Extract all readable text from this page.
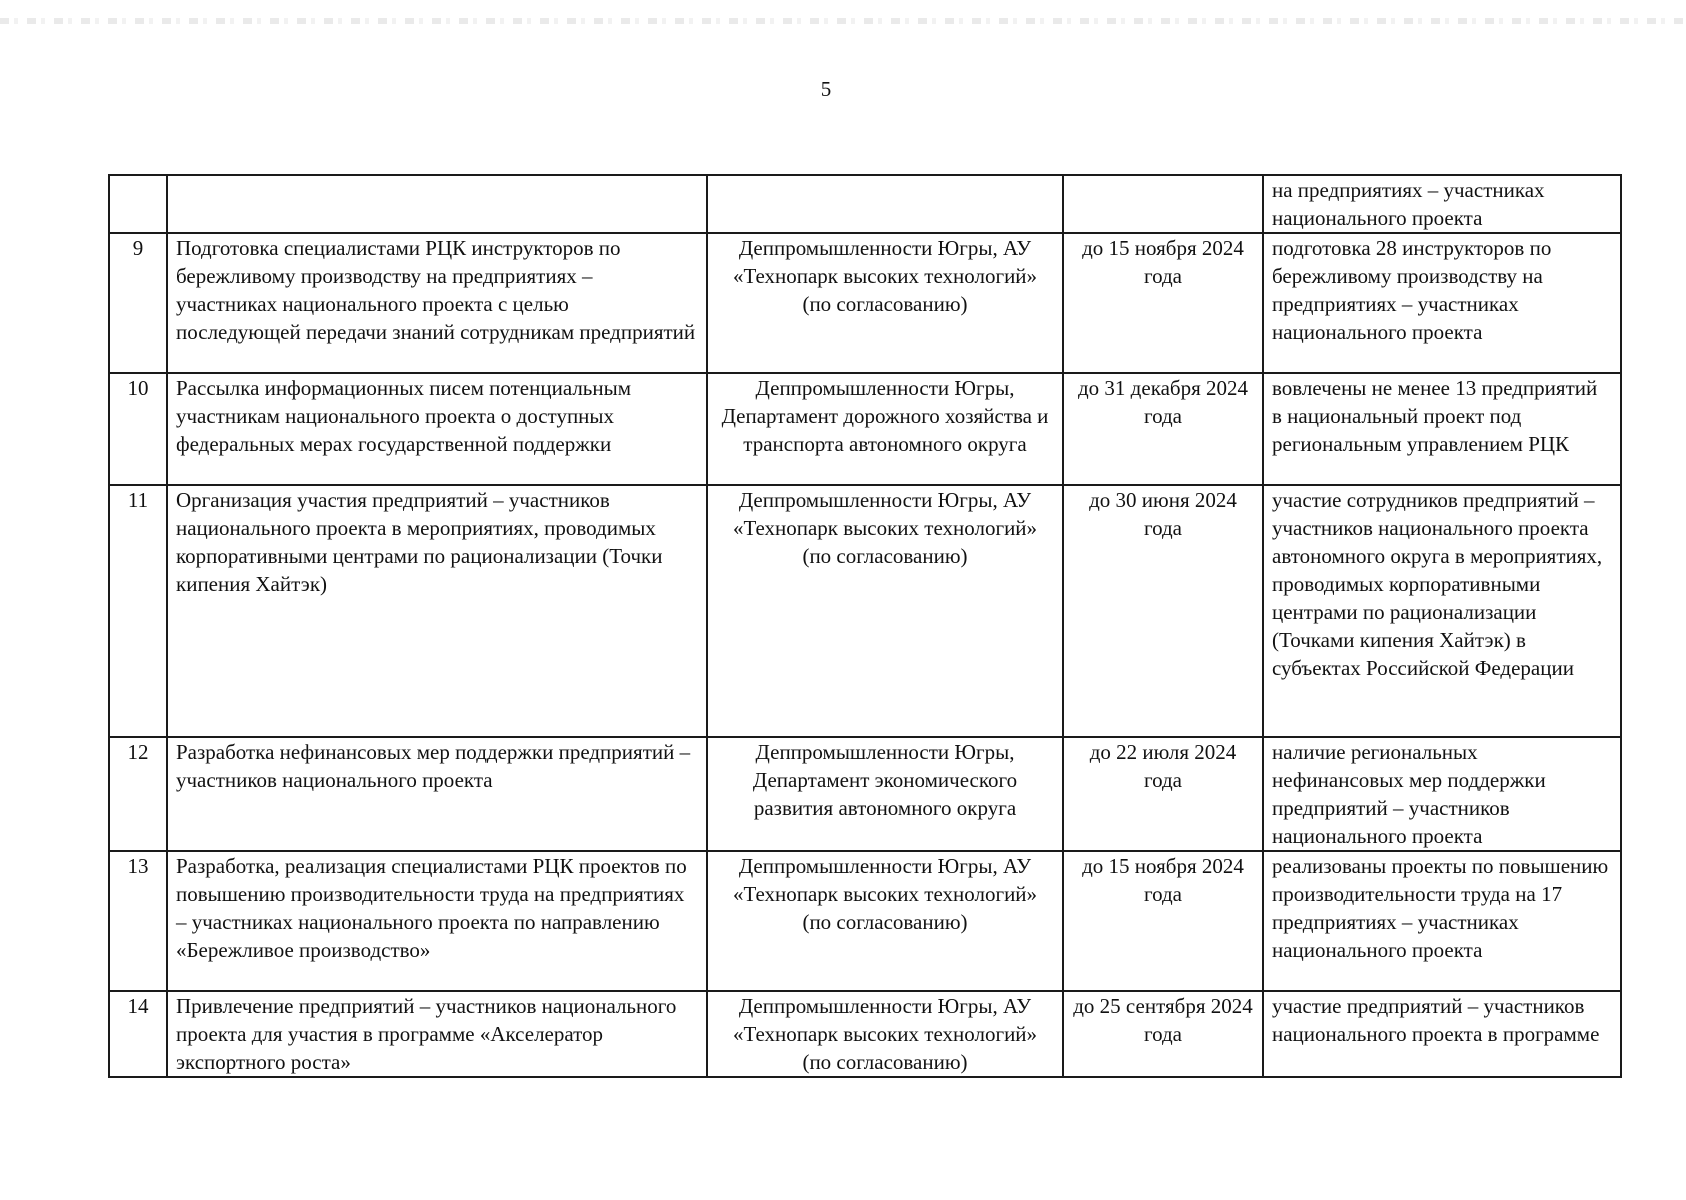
5
				на предприятиях – участниках национального проекта
9	Подготовка специалистами РЦК инструкторов по бережливому производству на предприятиях – участниках национального проекта с целью последующей передачи знаний сотрудникам предприятий	Деппромышленности Югры, АУ «Технопарк высоких технологий» (по согласованию)	до 15 ноября 2024 года	подготовка 28 инструкторов по бережливому производству на предприятиях – участниках национального проекта
10	Рассылка информационных писем потенциальным участникам национального проекта о доступных федеральных мерах государственной поддержки	Деппромышленности Югры, Департамент дорожного хозяйства и транспорта автономного округа	до 31 декабря 2024 года	вовлечены не менее 13 предприятий в национальный проект под региональным управлением РЦК
11	Организация участия предприятий – участников национального проекта в мероприятиях, проводимых корпоративными центрами по рационализации (Точки кипения Хайтэк)	Деппромышленности Югры, АУ «Технопарк высоких технологий» (по согласованию)	до 30 июня 2024 года	участие сотрудников предприятий – участников национального проекта автономного округа в мероприятиях, проводимых корпоративными центрами по рационализации (Точками кипения Хайтэк) в субъектах Российской Федерации
12	Разработка нефинансовых мер поддержки предприятий – участников национального проекта	Деппромышленности Югры, Департамент экономического развития автономного округа	до 22 июля 2024 года	наличие региональных нефинансовых мер поддержки предприятий – участников национального проекта
13	Разработка, реализация специалистами РЦК проектов по повышению производительности труда на предприятиях – участниках национального проекта по направлению «Бережливое производство»	Деппромышленности Югры, АУ «Технопарк высоких технологий» (по согласованию)	до 15 ноября 2024 года	реализованы проекты по повышению производительности труда на 17 предприятиях – участниках национального проекта
14	Привлечение предприятий – участников национального проекта для участия в программе «Акселератор экспортного роста»	Деппромышленности Югры, АУ «Технопарк высоких технологий» (по согласованию)	до 25 сентября 2024 года	участие предприятий – участников национального проекта в программе
